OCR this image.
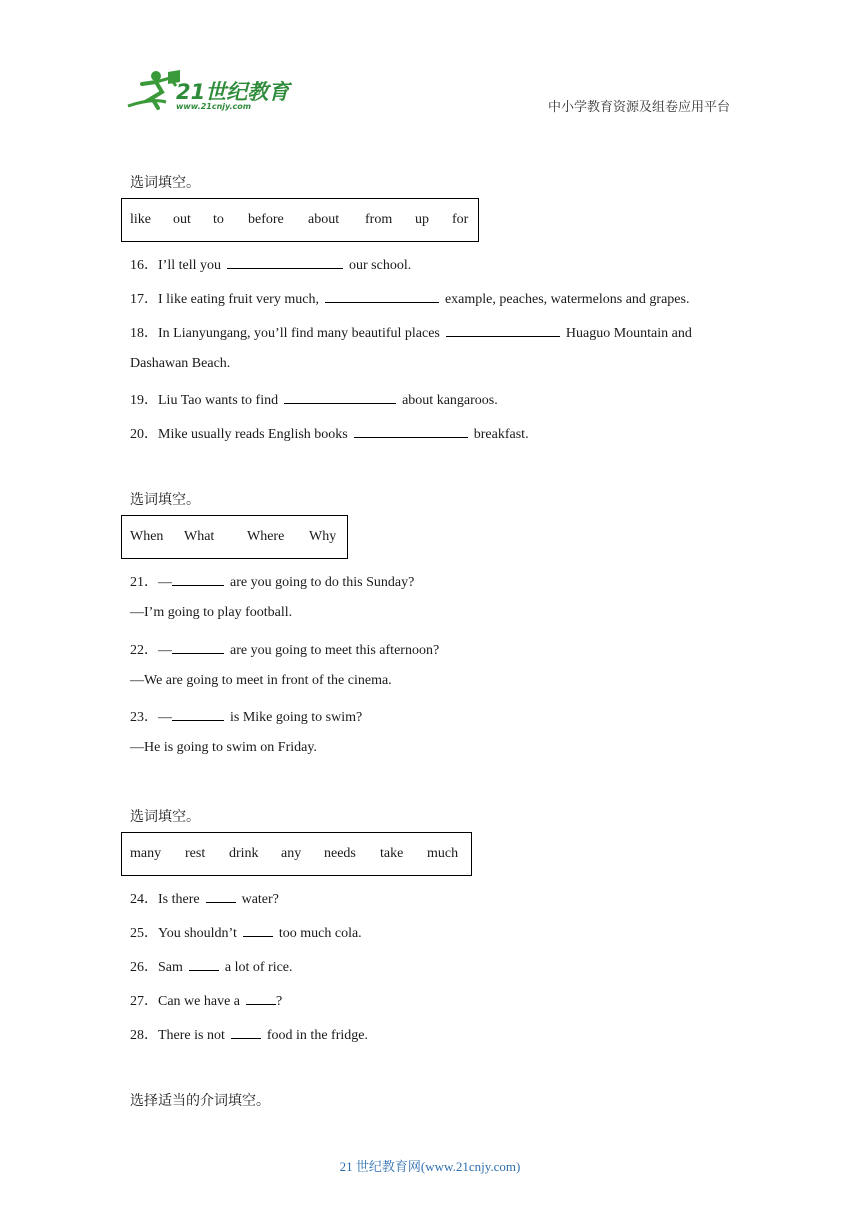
21世纪教育
www.21cnjy.com	中小学教育资源及组卷应用平台
选词填空。
like	out	to	before	about	from	up	for
16．I’ll tell you	our school.
17．I like eating fruit very much,	example, peaches, watermelons and grapes.
18．In Lianyungang, you’ll find many beautiful places	Huaguo Mountain and
Dashawan Beach.
19．Liu Tao wants to find	about kangaroos.
20．Mike usually reads English books	breakfast.
选词填空。
When	What	Where	Why
21．—	are you going to do this Sunday?
—I’m going to play football.
22．—	are you going to meet this afternoon?
—We are going to meet in front of the cinema.
23．—	is Mike going to swim?
—He is going to swim on Friday.
选词填空。
many	rest	drink	any	needs	take	much
24．Is there	water?
25．You shouldn’t	too much cola.
26．Sam	a lot of rice.
27．Can we have a	?
28．There is not	food in the fridge.
选择适当的介词填空。
21 世纪教育网(www.21cnjy.com)
